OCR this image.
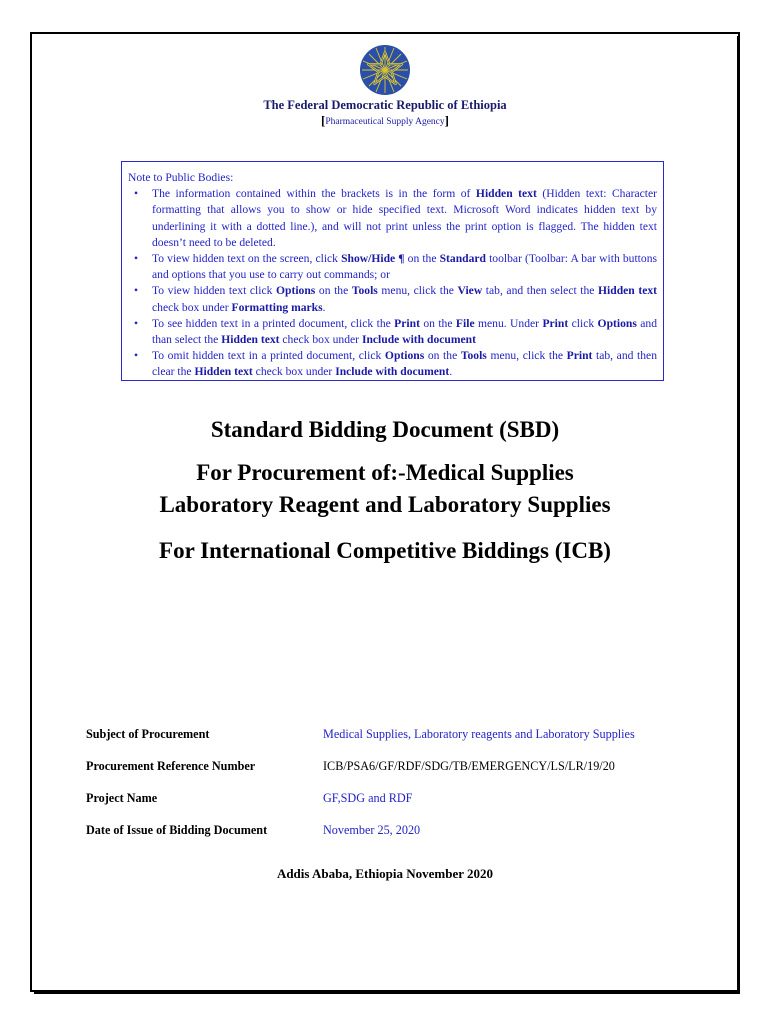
The Federal Democratic Republic of Ethiopia
[Pharmaceutical Supply Agency]

Note to Public Bodies:

• The information contained within the brackets is in the form of Hidden text (Hidden text: Character formatting that allows you to show or hide specified text. Microsoft Word indicates hidden text by underlining it with a dotted line.), and will not print unless the print option is flagged. The hidden text doesn’t need to be deleted.
• To view hidden text on the screen, click Show/Hide ¶ on the Standard toolbar (Toolbar: A bar with buttons and options that you use to carry out commands; or
• To view hidden text click Options on the Tools menu, click the View tab, and then select the Hidden text check box under Formatting marks.
• To see hidden text in a printed document, click the Print on the File menu. Under Print click Options and than select the Hidden text check box under Include with document
• To omit hidden text in a printed document, click Options on the Tools menu, click the Print tab, and then clear the Hidden text check box under Include with document.
Standard Bidding Document (SBD)
For Procurement of:-Medical Supplies
Laboratory Reagent and Laboratory Supplies
For International Competitive Biddings (ICB)
Subject of Procurement	Medical Supplies, Laboratory reagents and Laboratory Supplies
Procurement Reference Number	ICB/PSA6/GF/RDF/SDG/TB/EMERGENCY/LS/LR/19/20
Project Name	GF,SDG and RDF
Date of Issue of Bidding Document	November 25, 2020
Addis Ababa, Ethiopia November 2020
